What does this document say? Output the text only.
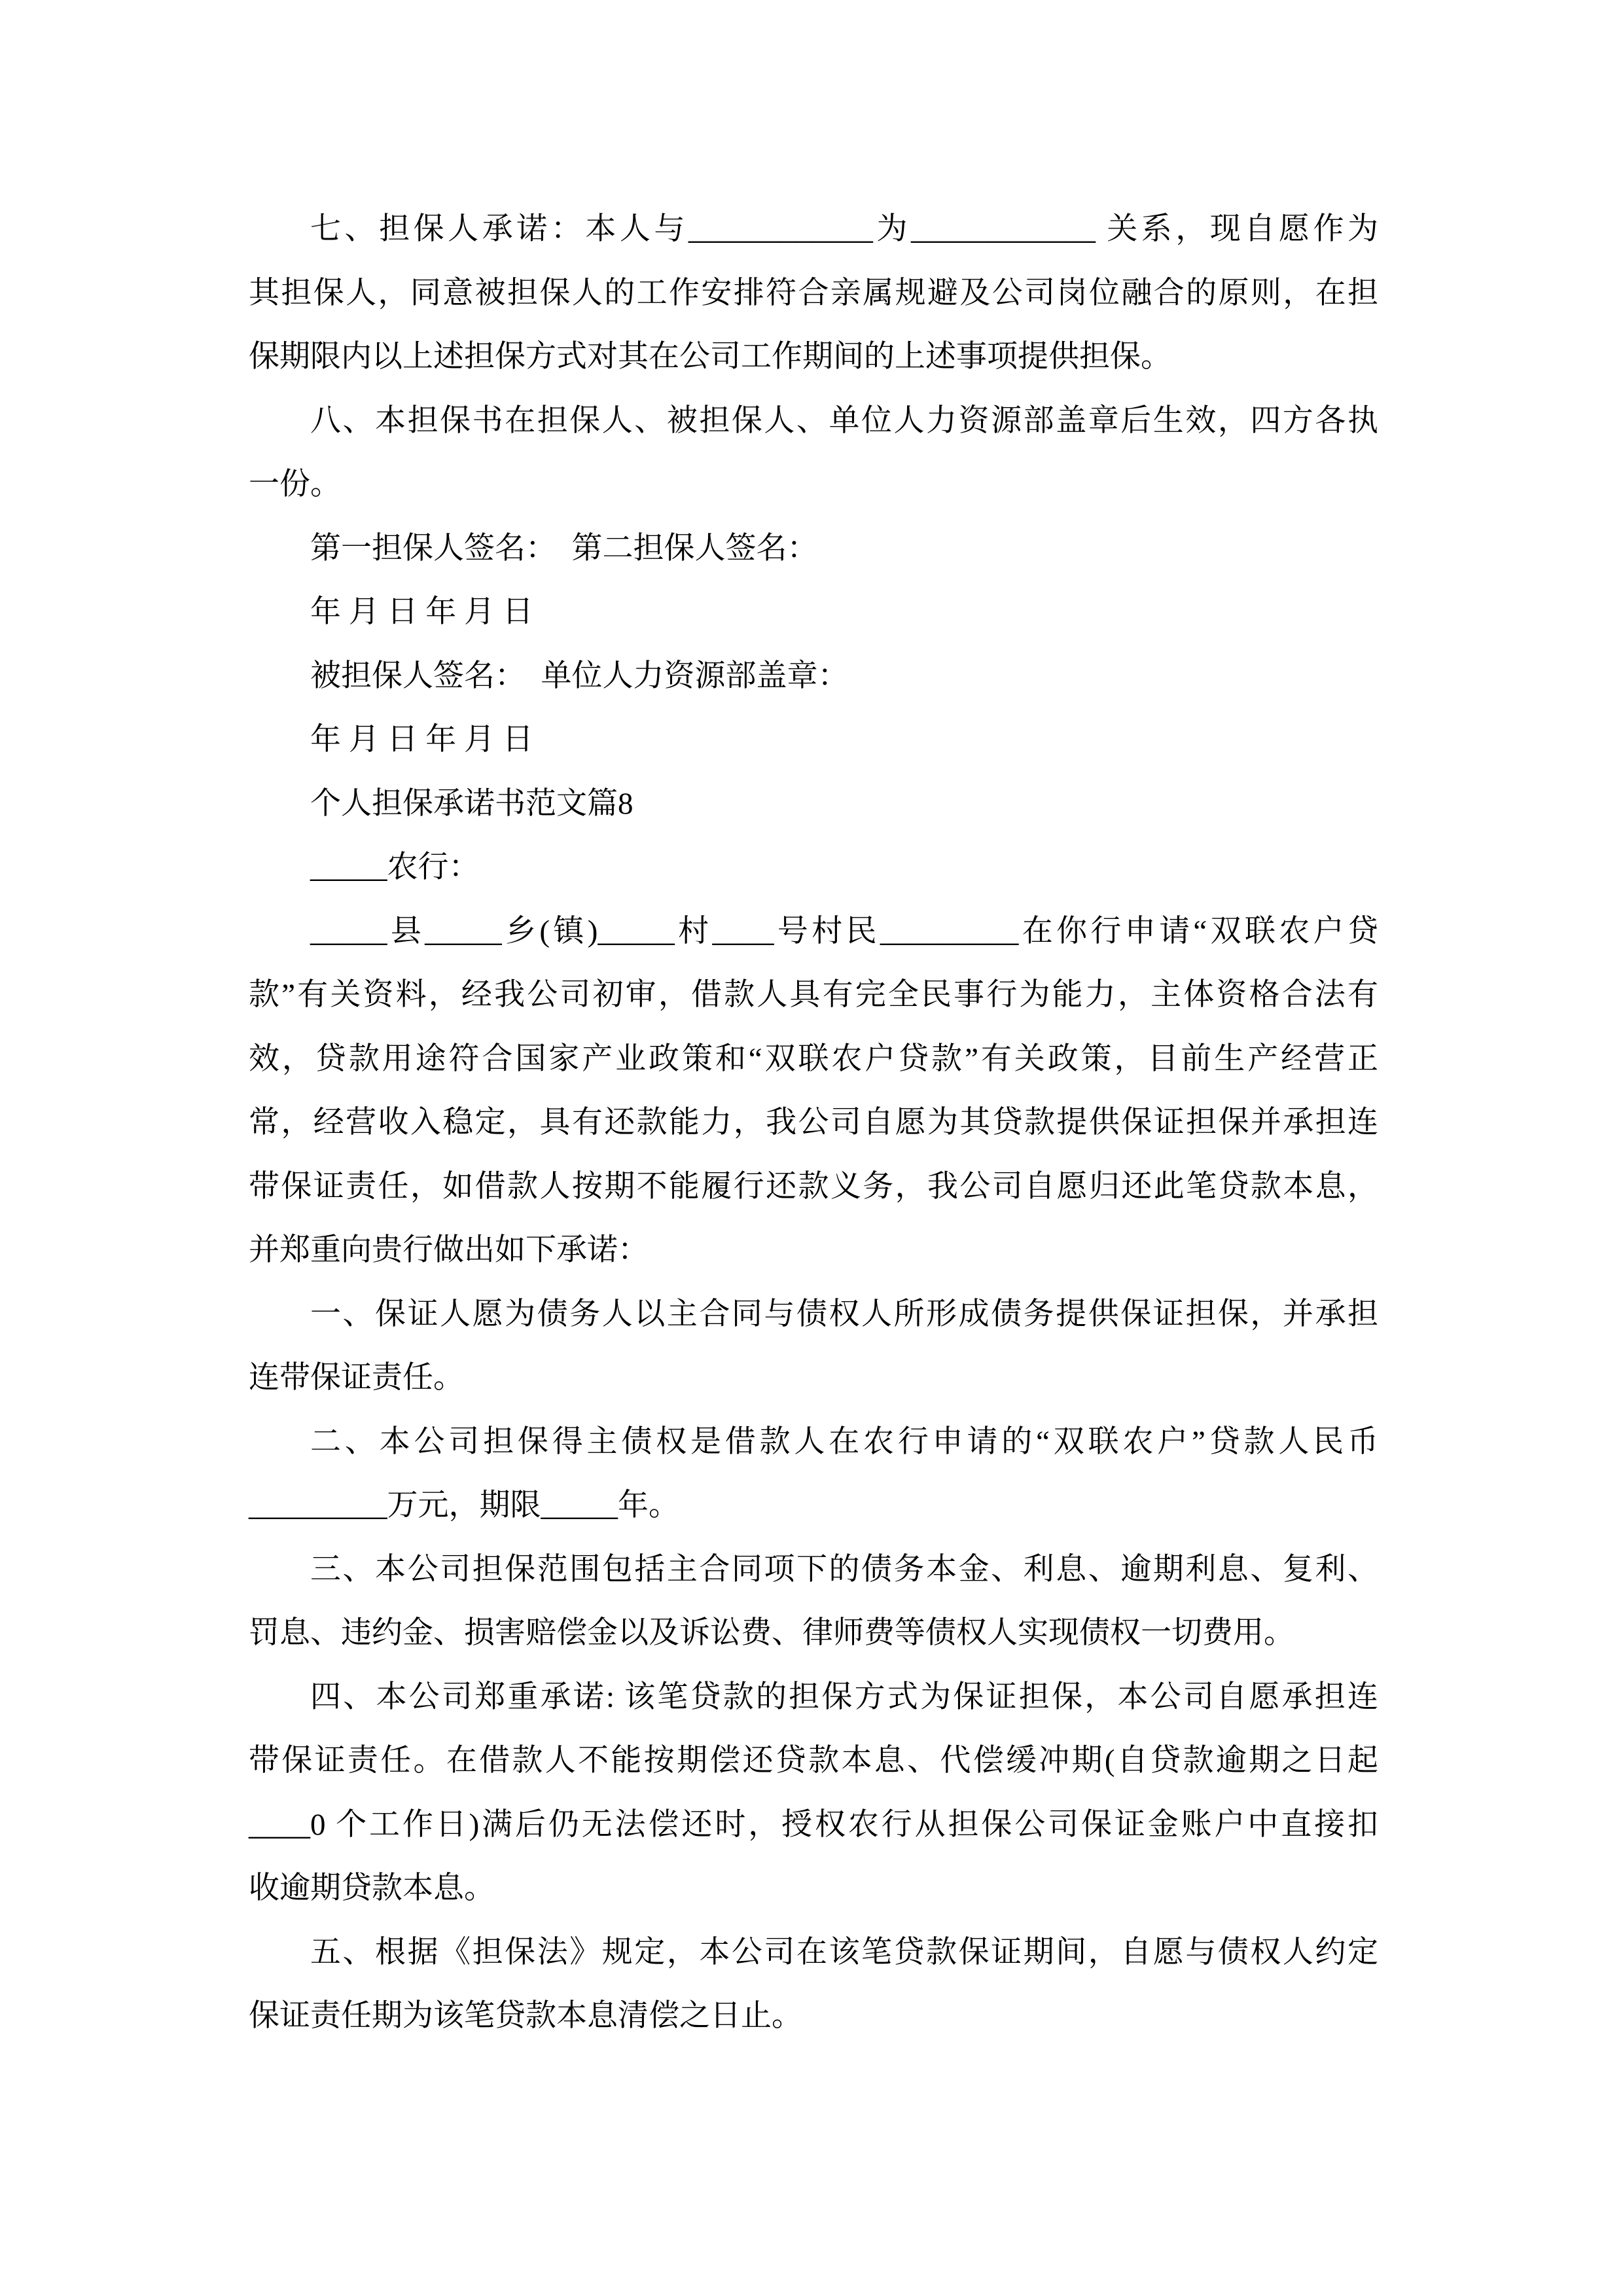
七、担保人承诺：本人与____________为____________ 关系，现自愿作为
其担保人，同意被担保人的工作安排符合亲属规避及公司岗位融合的原则，在担
保期限内以上述担保方式对其在公司工作期间的上述事项提供担保。
八、本担保书在担保人、被担保人、单位人力资源部盖章后生效，四方各执
一份。
第一担保人签名：  第二担保人签名：
年 月 日 年 月 日
被担保人签名：  单位人力资源部盖章：
年 月 日 年 月 日
个人担保承诺书范文篇8
_____农行：
_____县_____乡(镇)_____村____号村民_________在你行申请“双联农户贷
款”有关资料，经我公司初审，借款人具有完全民事行为能力，主体资格合法有
效，贷款用途符合国家产业政策和“双联农户贷款”有关政策，目前生产经营正
常，经营收入稳定，具有还款能力，我公司自愿为其贷款提供保证担保并承担连
带保证责任，如借款人按期不能履行还款义务，我公司自愿归还此笔贷款本息，
并郑重向贵行做出如下承诺：
一、保证人愿为债务人以主合同与债权人所形成债务提供保证担保，并承担
连带保证责任。
二、本公司担保得主债权是借款人在农行申请的“双联农户”贷款人民币
_________万元，期限_____年。
三、本公司担保范围包括主合同项下的债务本金、利息、逾期利息、复利、
罚息、违约金、损害赔偿金以及诉讼费、律师费等债权人实现债权一切费用。
四、本公司郑重承诺: 该笔贷款的担保方式为保证担保，本公司自愿承担连
带保证责任。在借款人不能按期偿还贷款本息、代偿缓冲期(自贷款逾期之日起
____0 个工作日)满后仍无法偿还时，授权农行从担保公司保证金账户中直接扣
收逾期贷款本息。
五、根据《担保法》规定，本公司在该笔贷款保证期间，自愿与债权人约定
保证责任期为该笔贷款本息清偿之日止。
